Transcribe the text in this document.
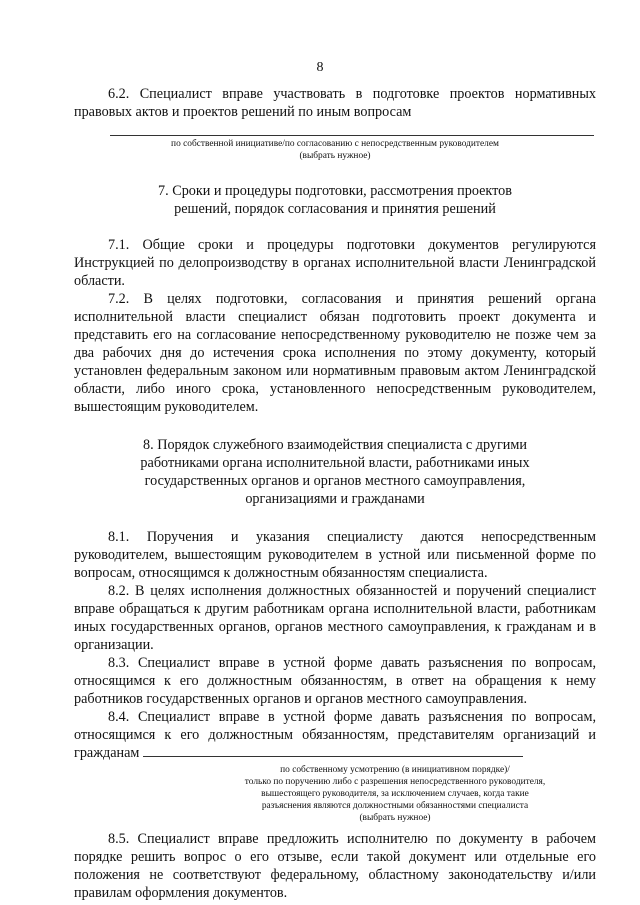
8

6.2. Специалист вправе участвовать в подготовке проектов нормативных правовых актов и проектов решений по иным вопросам

по собственной инициативе/по согласованию с непосредственным руководителем
(выбрать нужное)
7. Сроки и процедуры подготовки, рассмотрения проектов
решений, порядок согласования и принятия решений

7.1. Общие сроки и процедуры подготовки документов регулируются Инструкцией по делопроизводству в органах исполнительной власти Ленинградской области.

7.2. В целях подготовки, согласования и принятия решений органа исполнительной власти специалист обязан подготовить проект документа и представить его на согласование непосредственному руководителю не позже чем за два рабочих дня до истечения срока исполнения по этому документу, который установлен федеральным законом или нормативным правовым актом Ленинградской области, либо иного срока, установленного непосредственным руководителем, вышестоящим руководителем.

8. Порядок служебного взаимодействия специалиста с другими
работниками органа исполнительной власти, работниками иных
государственных органов и органов местного самоуправления,
организациями и гражданами

8.1. Поручения и указания специалисту даются непосредственным руководителем, вышестоящим руководителем в устной или письменной форме по вопросам, относящимся к должностным обязанностям специалиста.

8.2. В целях исполнения должностных обязанностей и поручений специалист вправе обращаться к другим работникам органа исполнительной власти, работникам иных государственных органов, органов местного самоуправления, к гражданам и в организации.

8.3. Специалист вправе в устной форме давать разъяснения по вопросам, относящимся к его должностным обязанностям, в ответ на обращения к нему работников государственных органов и органов местного самоуправления.

8.4. Специалист вправе в устной форме давать разъяснения по вопросам, относящимся к его должностным обязанностям, представителям организаций и гражданам

по собственному усмотрению (в инициативном порядке)/
только по поручению либо с разрешения непосредственного руководителя,
вышестоящего руководителя, за исключением случаев, когда такие
разъяснения являются должностными обязанностями специалиста
(выбрать нужное)

8.5. Специалист вправе предложить исполнителю по документу в рабочем порядке решить вопрос о его отзыве, если такой документ или отдельные его положения не соответствуют федеральному, областному законодательству и/или правилам оформления документов.
